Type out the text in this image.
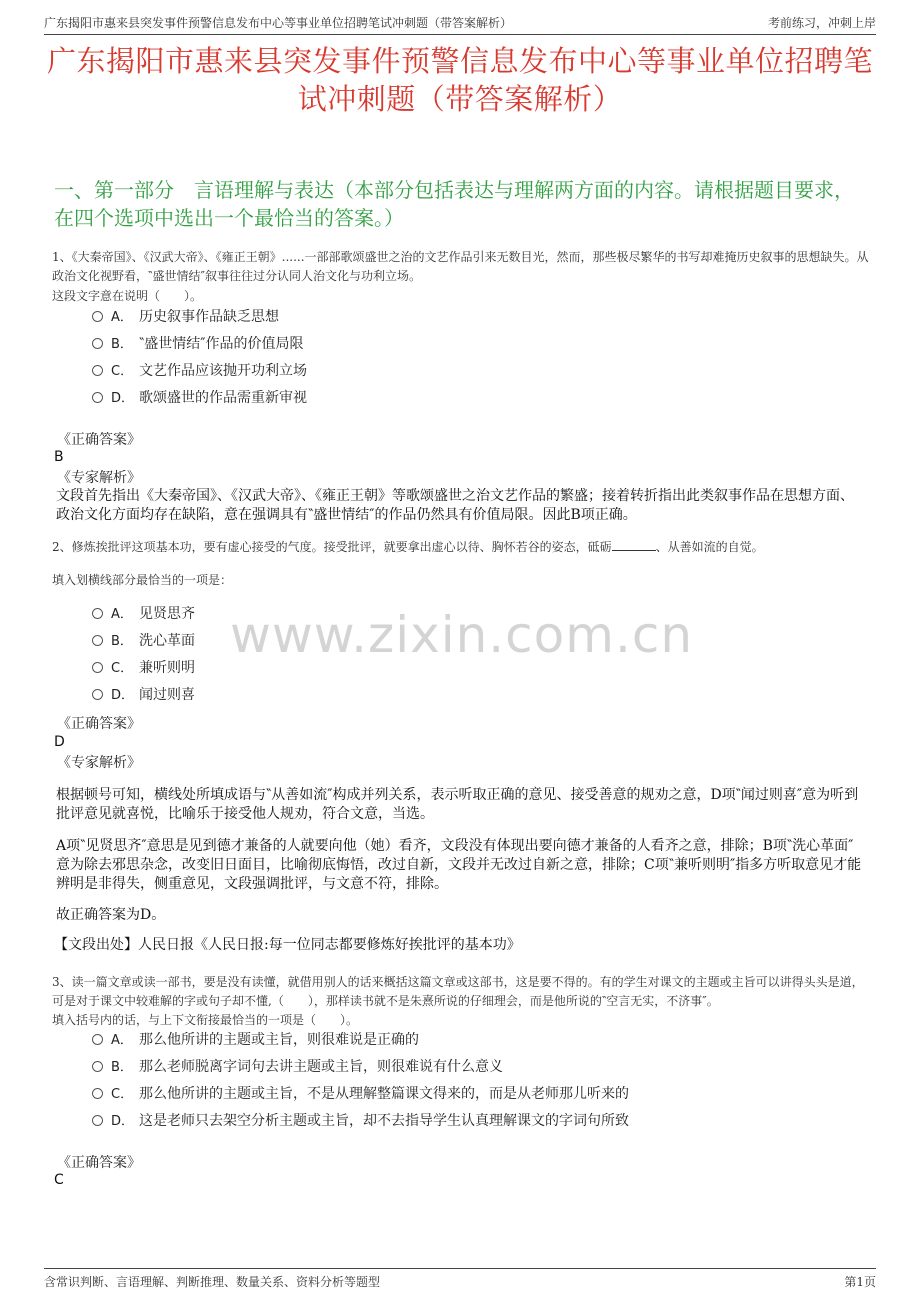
广东揭阳市惠来县突发事件预警信息发布中心等事业单位招聘笔试冲刺题（带答案解析）	考前练习，冲刺上岸
广东揭阳市惠来县突发事件预警信息发布中心等事业单位招聘笔试冲刺题（带答案解析）
一、第一部分　言语理解与表达（本部分包括表达与理解两方面的内容。请根据题目要求，在四个选项中选出一个最恰当的答案。）
1、《大秦帝国》、《汉武大帝》、《雍正王朝》......一部部歌颂盛世之治的文艺作品引来无数目光，然而，那些极尽繁华的书写却难掩历史叙事的思想缺失。从政治文化视野看，‶盛世情结″叙事往往过分认同人治文化与功利立场。
这段文字意在说明（　　）。
A． 历史叙事作品缺乏思想
B． ‶盛世情结″作品的价值局限
C． 文艺作品应该抛开功利立场
D． 歌颂盛世的作品需重新审视
《正确答案》
B
《专家解析》
文段首先指出《大秦帝国》、《汉武大帝》、《雍正王朝》等歌颂盛世之治文艺作品的繁盛；接着转折指出此类叙事作品在思想方面、政治文化方面均存在缺陷，意在强调具有‶盛世情结″的作品仍然具有价值局限。因此B项正确。
2、修炼挨批评这项基本功，要有虚心接受的气度。接受批评，就要拿出虚心以待、胸怀若谷的姿态，砥砺	、从善如流的自觉。
填入划横线部分最恰当的一项是：
www.zixin.com.cn
A． 见贤思齐
B． 洗心革面
C． 兼听则明
D． 闻过则喜
《正确答案》
D
《专家解析》
根据顿号可知，横线处所填成语与‶从善如流″构成并列关系，表示听取正确的意见、接受善意的规劝之意，D项‶闻过则喜″意为听到批评意见就喜悦，比喻乐于接受他人规劝，符合文意，当选。
A项‶见贤思齐″意思是见到德才兼备的人就要向他（她）看齐，文段没有体现出要向德才兼备的人看齐之意，排除；B项‶洗心革面″意为除去邪思杂念，改变旧日面目，比喻彻底悔悟，改过自新，文段并无改过自新之意，排除；C项‶兼听则明″指多方听取意见才能辨明是非得失，侧重意见，文段强调批评，与文意不符，排除。
故正确答案为D。
【文段出处】人民日报《人民日报:每一位同志都要修炼好挨批评的基本功》
3、读一篇文章或读一部书，要是没有读懂，就借用别人的话来概括这篇文章或这部书，这是要不得的。有的学生对课文的主题或主旨可以讲得头头是道，可是对于课文中较难解的字或句子却不懂,（　　），那样读书就不是朱熹所说的仔细理会，而是他所说的‶空言无实，不济事″。
填入括号内的话，与上下文衔接最恰当的一项是（　　）。
A． 那么他所讲的主题或主旨，则很难说是正确的
B． 那么老师脱离字词句去讲主题或主旨，则很难说有什么意义
C． 那么他所讲的主题或主旨，不是从理解整篇课文得来的，而是从老师那儿听来的
D． 这是老师只去架空分析主题或主旨，却不去指导学生认真理解课文的字词句所致
《正确答案》
C
含常识判断、言语理解、判断推理、数量关系、资料分析等题型	第1页
